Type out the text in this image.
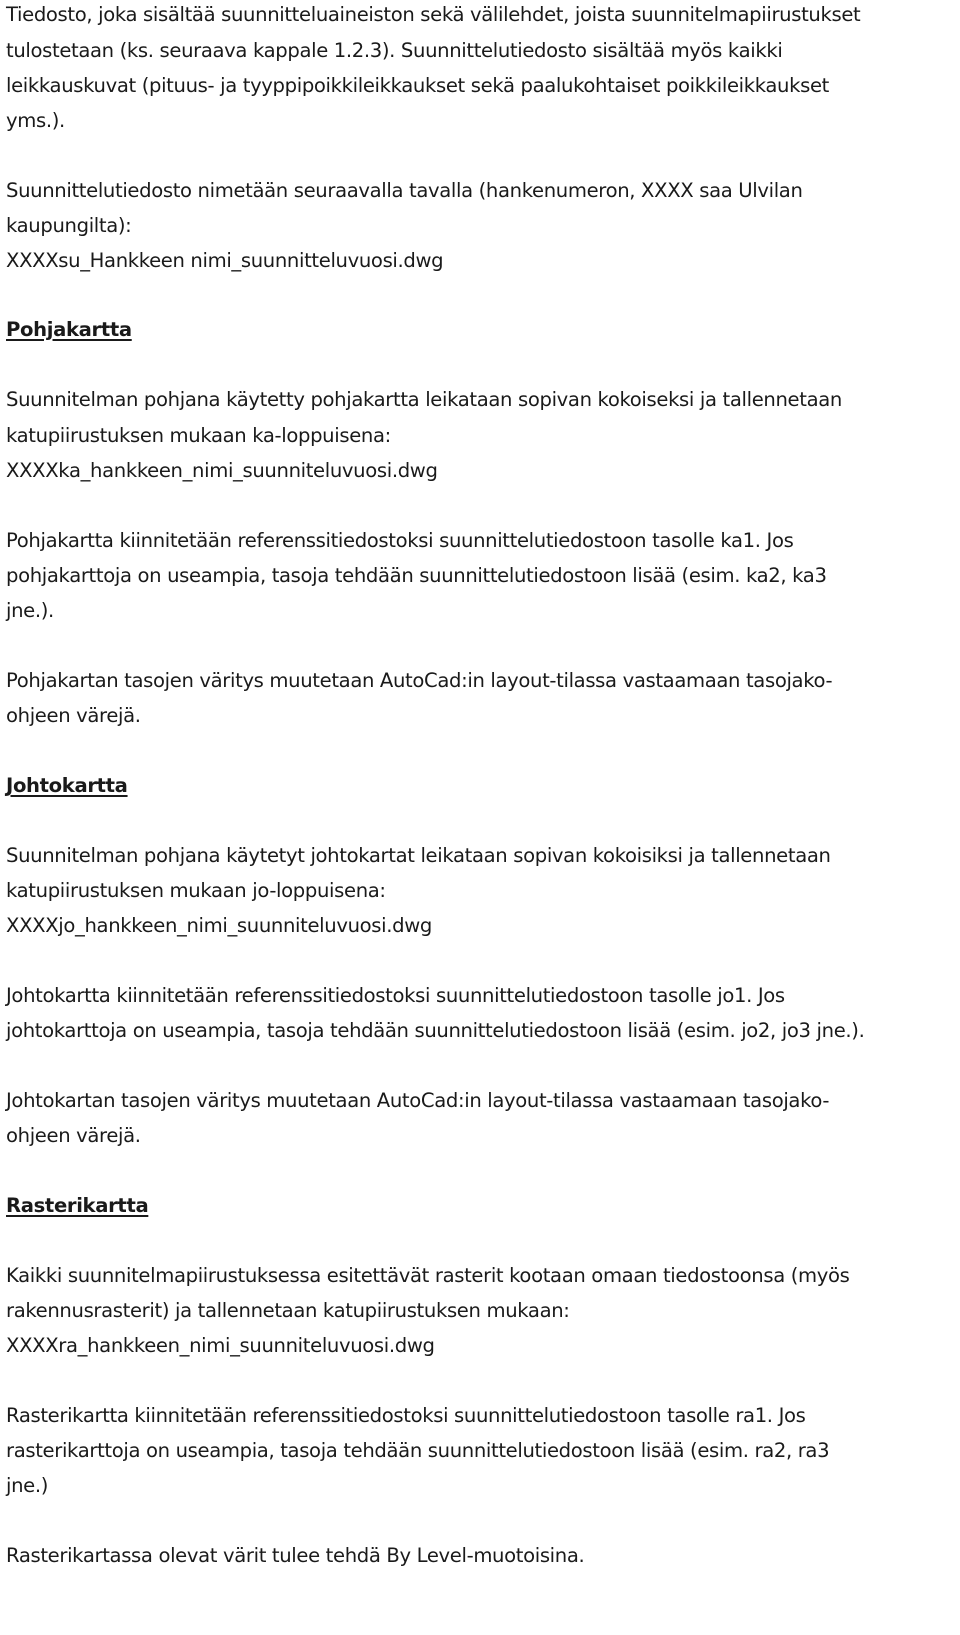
Tiedosto, joka sisältää suunnitteluaineiston sekä välilehdet, joista suunnitelmapiirustukset
tulostetaan (ks. seuraava kappale 1.2.3). Suunnittelutiedosto sisältää myös kaikki
leikkauskuvat (pituus- ja tyyppipoikkileikkaukset sekä paalukohtaiset poikkileikkaukset
yms.).
Suunnittelutiedosto nimetään seuraavalla tavalla (hankenumeron, XXXX saa Ulvilan
kaupungilta):
XXXXsu_Hankkeen nimi_suunnitteluvuosi.dwg
Pohjakartta
Suunnitelman pohjana käytetty pohjakartta leikataan sopivan kokoiseksi ja tallennetaan
katupiirustuksen mukaan ka-loppuisena:
XXXXka_hankkeen_nimi_suunniteluvuosi.dwg
Pohjakartta kiinnitetään referenssitiedostoksi suunnittelutiedostoon tasolle ka1. Jos
pohjakarttoja on useampia, tasoja tehdään suunnittelutiedostoon lisää (esim. ka2, ka3
jne.).
Pohjakartan tasojen väritys muutetaan AutoCad:in layout-tilassa vastaamaan tasojako-
ohjeen värejä.
Johtokartta
Suunnitelman pohjana käytetyt johtokartat leikataan sopivan kokoisiksi ja tallennetaan
katupiirustuksen mukaan jo-loppuisena:
XXXXjo_hankkeen_nimi_suunniteluvuosi.dwg
Johtokartta kiinnitetään referenssitiedostoksi suunnittelutiedostoon tasolle jo1. Jos
johtokarttoja on useampia, tasoja tehdään suunnittelutiedostoon lisää (esim. jo2, jo3 jne.).
Johtokartan tasojen väritys muutetaan AutoCad:in layout-tilassa vastaamaan tasojako-
ohjeen värejä.
Rasterikartta
Kaikki suunnitelmapiirustuksessa esitettävät rasterit kootaan omaan tiedostoonsa (myös
rakennusrasterit) ja tallennetaan katupiirustuksen mukaan:
XXXXra_hankkeen_nimi_suunniteluvuosi.dwg
Rasterikartta kiinnitetään referenssitiedostoksi suunnittelutiedostoon tasolle ra1. Jos
rasterikarttoja on useampia, tasoja tehdään suunnittelutiedostoon lisää (esim. ra2, ra3
jne.)
Rasterikartassa olevat värit tulee tehdä By Level-muotoisina.
